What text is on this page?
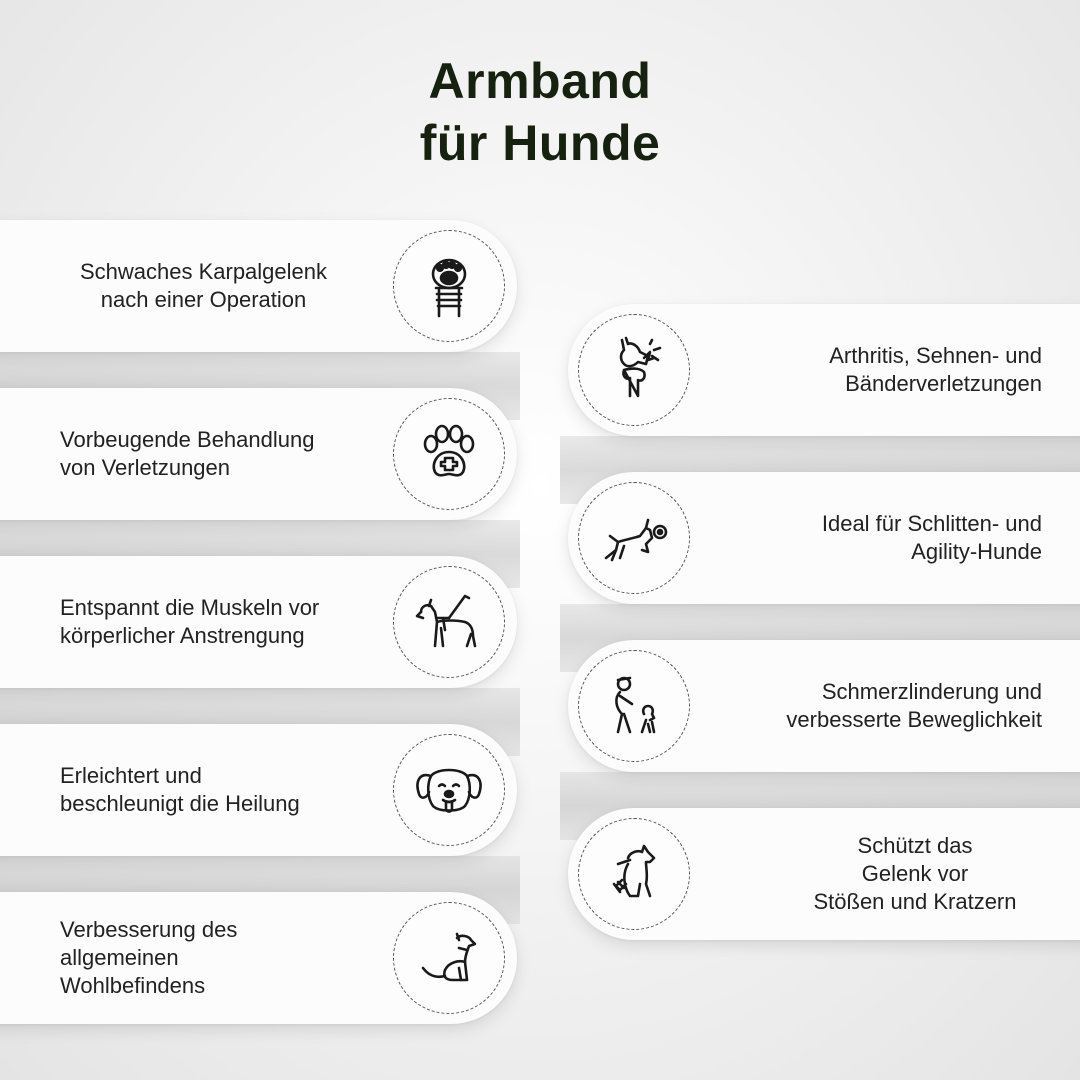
Armband
für Hunde
Schwaches Karpalgelenk
nach einer Operation
Vorbeugende Behandlung
von Verletzungen
Entspannt die Muskeln vor
körperlicher Anstrengung
Erleichtert und
beschleunigt die Heilung
Verbesserung des
allgemeinen
Wohlbefindens
Arthritis, Sehnen- und
Bänderverletzungen
Ideal für Schlitten- und
Agility-Hunde
Schmerzlinderung und
verbesserte Beweglichkeit
Schützt das
Gelenk vor
Stößen und Kratzern
